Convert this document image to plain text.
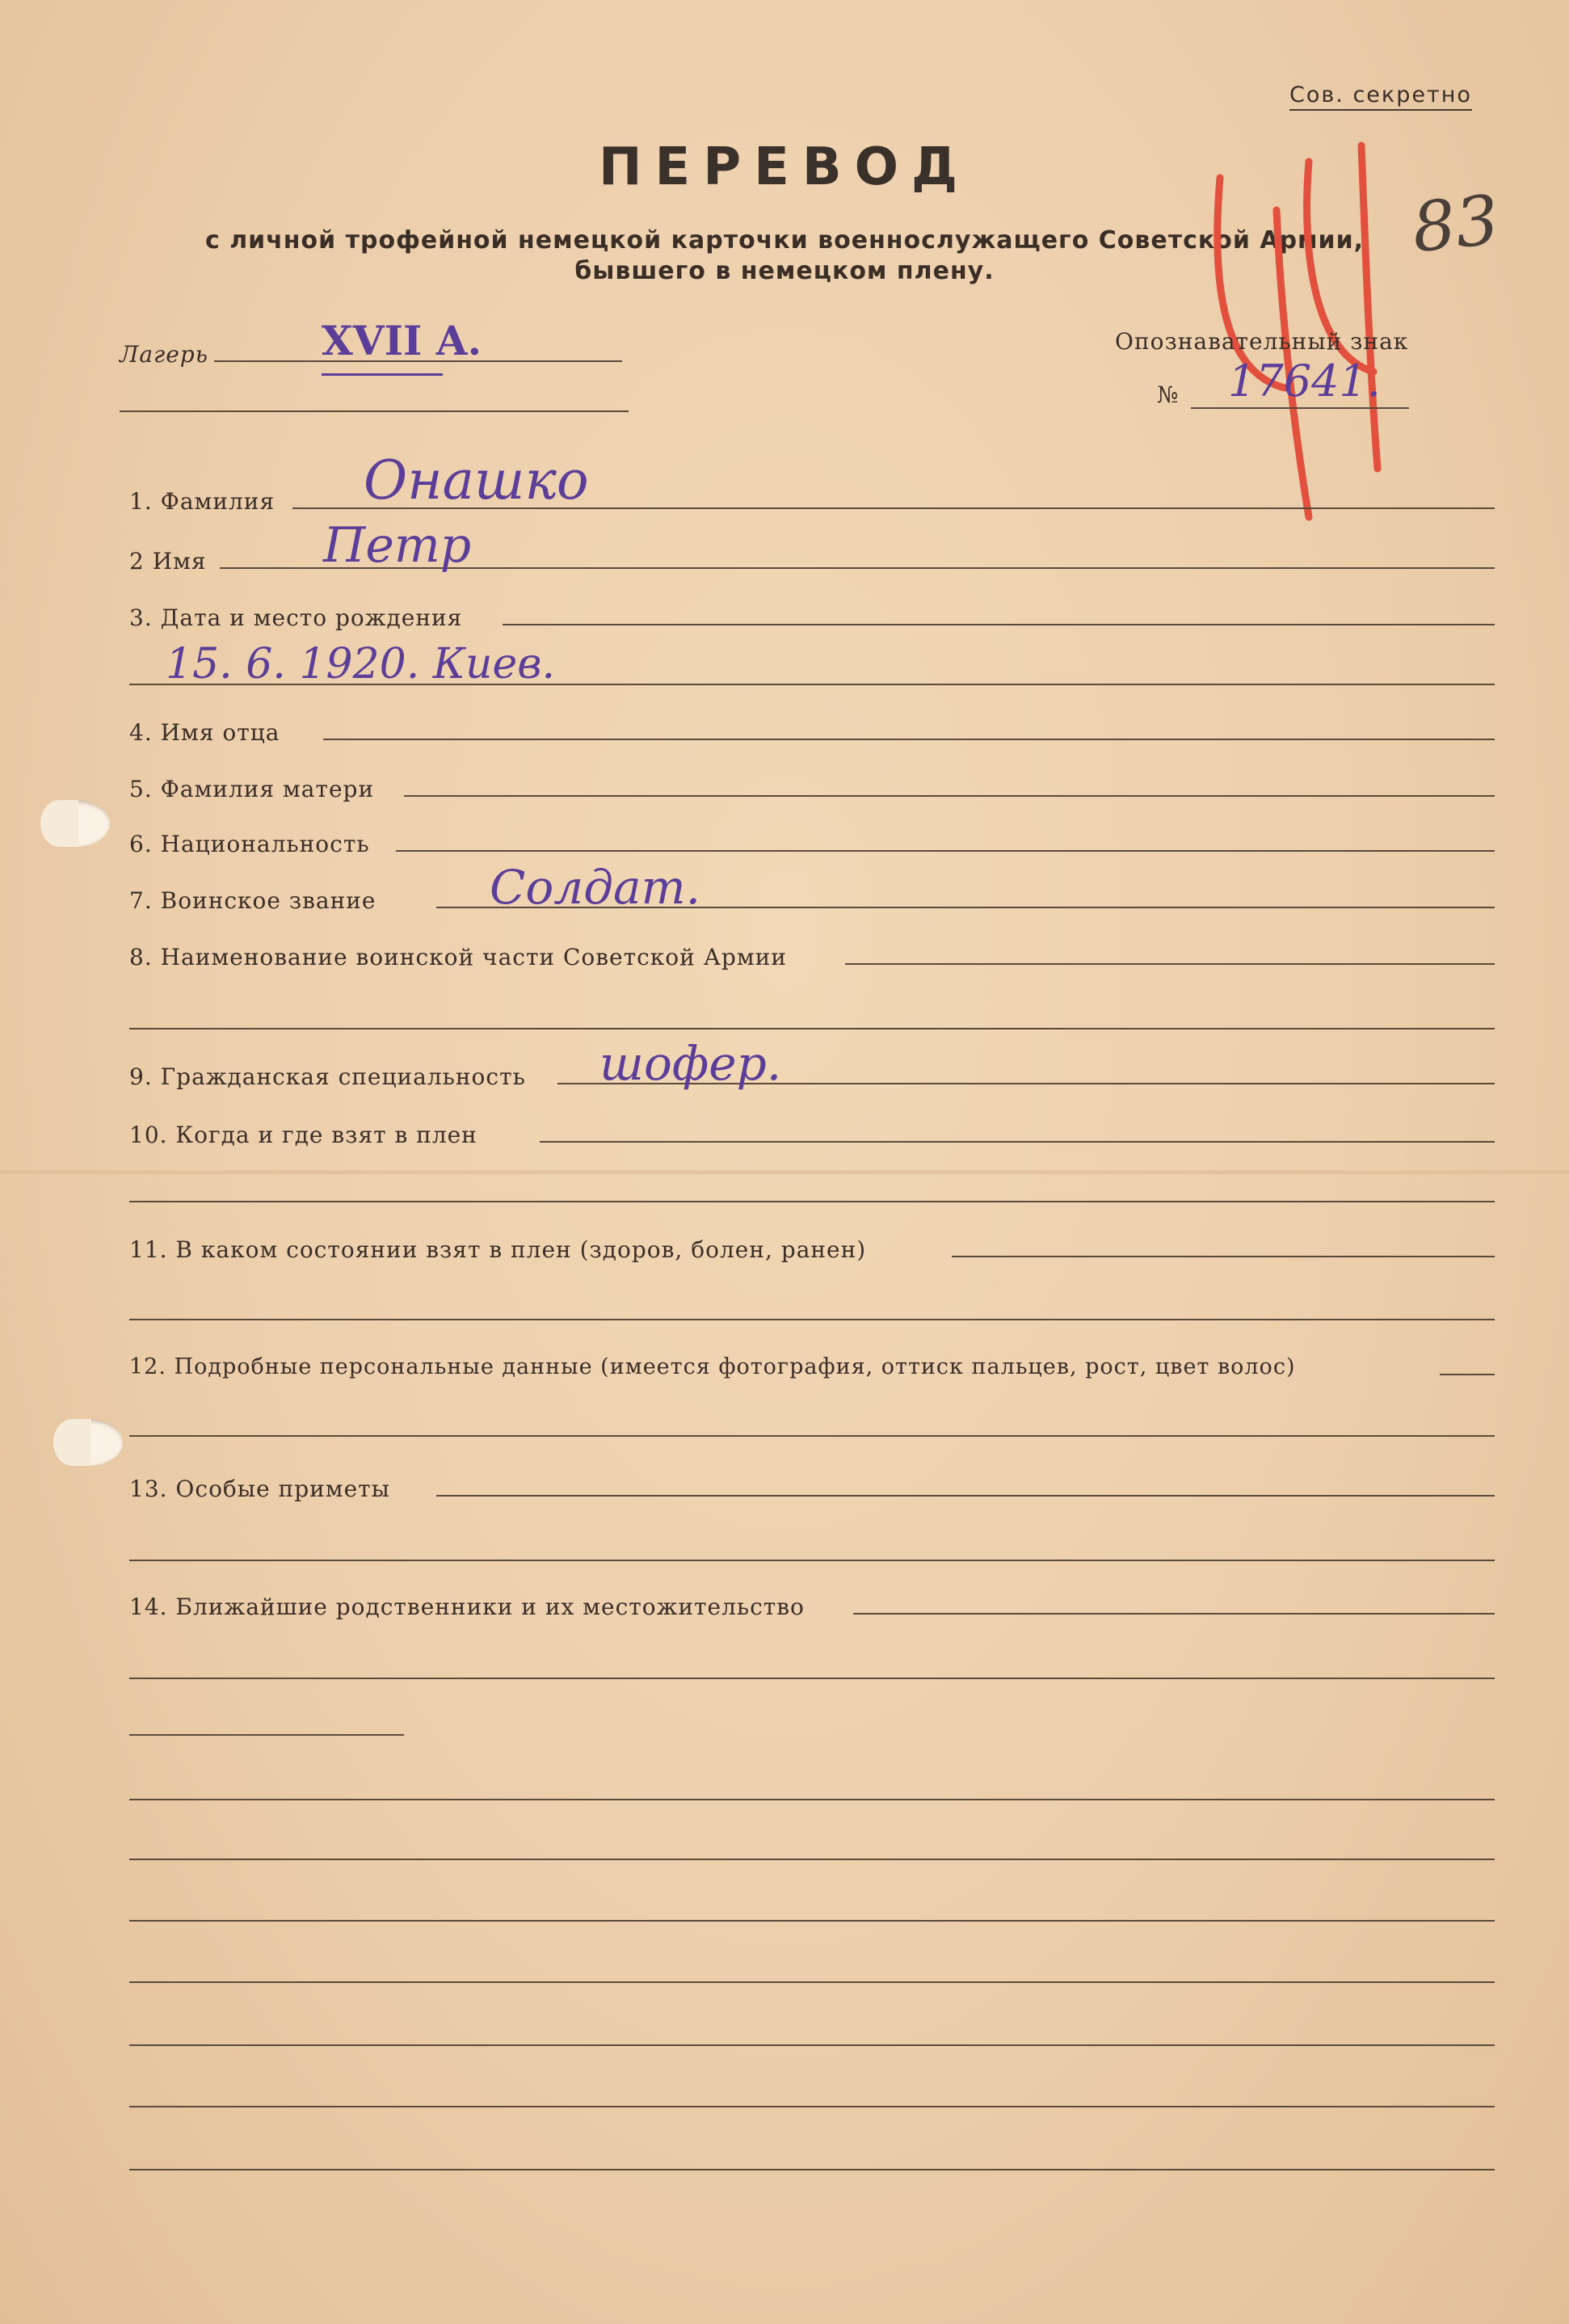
Сов. секретно
ПЕРЕВОД
с личной трофейной немецкой карточки военнослужащего Советской Армии,
бывшего в немецком плену.
83
Лагерь	XVII A.	Опознавательный знак
№ 17641.
1. Фамилия Онашко
2 Имя Петр
3. Дата и место рождения
15. 6. 1920. Киев.
4. Имя отца
5. Фамилия матери
6. Национальность
7. Воинское звание Солдат.
8. Наименование воинской части Советской Армии
9. Гражданская специальность шофер.
10. Когда и где взят в плен
11. В каком состоянии взят в плен (здоров, болен, ранен)
12. Подробные персональные данные (имеется фотография, оттиск пальцев, рост, цвет волос)
13. Особые приметы
14. Ближайшие родственники и их местожительство
